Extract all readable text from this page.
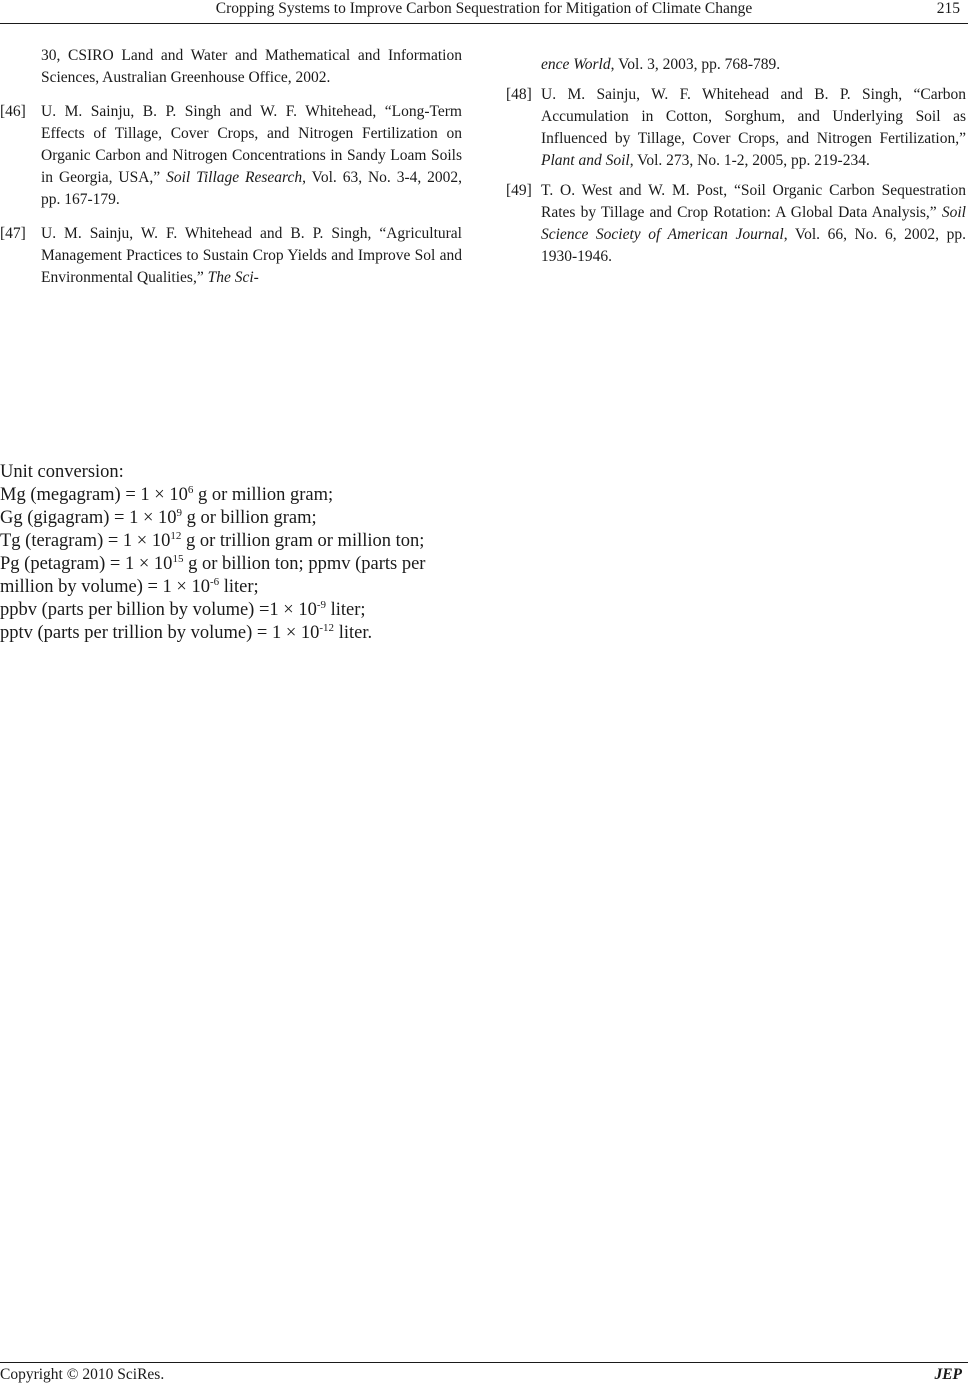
Cropping Systems to Improve Carbon Sequestration for Mitigation of Climate Change	215
30, CSIRO Land and Water and Mathematical and Information Sciences, Australian Greenhouse Office, 2002.
[46] U. M. Sainju, B. P. Singh and W. F. Whitehead, “Long-Term Effects of Tillage, Cover Crops, and Nitrogen Fertilization on Organic Carbon and Nitrogen Concentrations in Sandy Loam Soils in Georgia, USA,” Soil Tillage Research, Vol. 63, No. 3-4, 2002, pp. 167-179.
[47] U. M. Sainju, W. F. Whitehead and B. P. Singh, “Agricultural Management Practices to Sustain Crop Yields and Improve Sol and Environmental Qualities,” The Sci-
ence World, Vol. 3, 2003, pp. 768-789.
[48] U. M. Sainju, W. F. Whitehead and B. P. Singh, “Carbon Accumulation in Cotton, Sorghum, and Underlying Soil as Influenced by Tillage, Cover Crops, and Nitrogen Fertilization,” Plant and Soil, Vol. 273, No. 1-2, 2005, pp. 219-234.
[49] T. O. West and W. M. Post, “Soil Organic Carbon Sequestration Rates by Tillage and Crop Rotation: A Global Data Analysis,” Soil Science Society of American Journal, Vol. 66, No. 6, 2002, pp. 1930-1946.
Unit conversion:
Mg (megagram) = $1 \times 10^6$ g or million gram;
Gg (gigagram) = $1 \times 10^9$ g or billion gram;
Tg (teragram) = $1 \times 10^{12}$ g or trillion gram or million ton;
Pg (petagram) = $1 \times 10^{15}$ g or billion ton; ppmv (parts per million by volume) = $1 \times 10^{-6}$ liter;
ppbv (parts per billion by volume) $=1 \times 10^{-9}$ liter;
pptv (parts per trillion by volume) = $1 \times 10^{-12}$ liter.
Copyright © 2010 SciRes.	JEP
